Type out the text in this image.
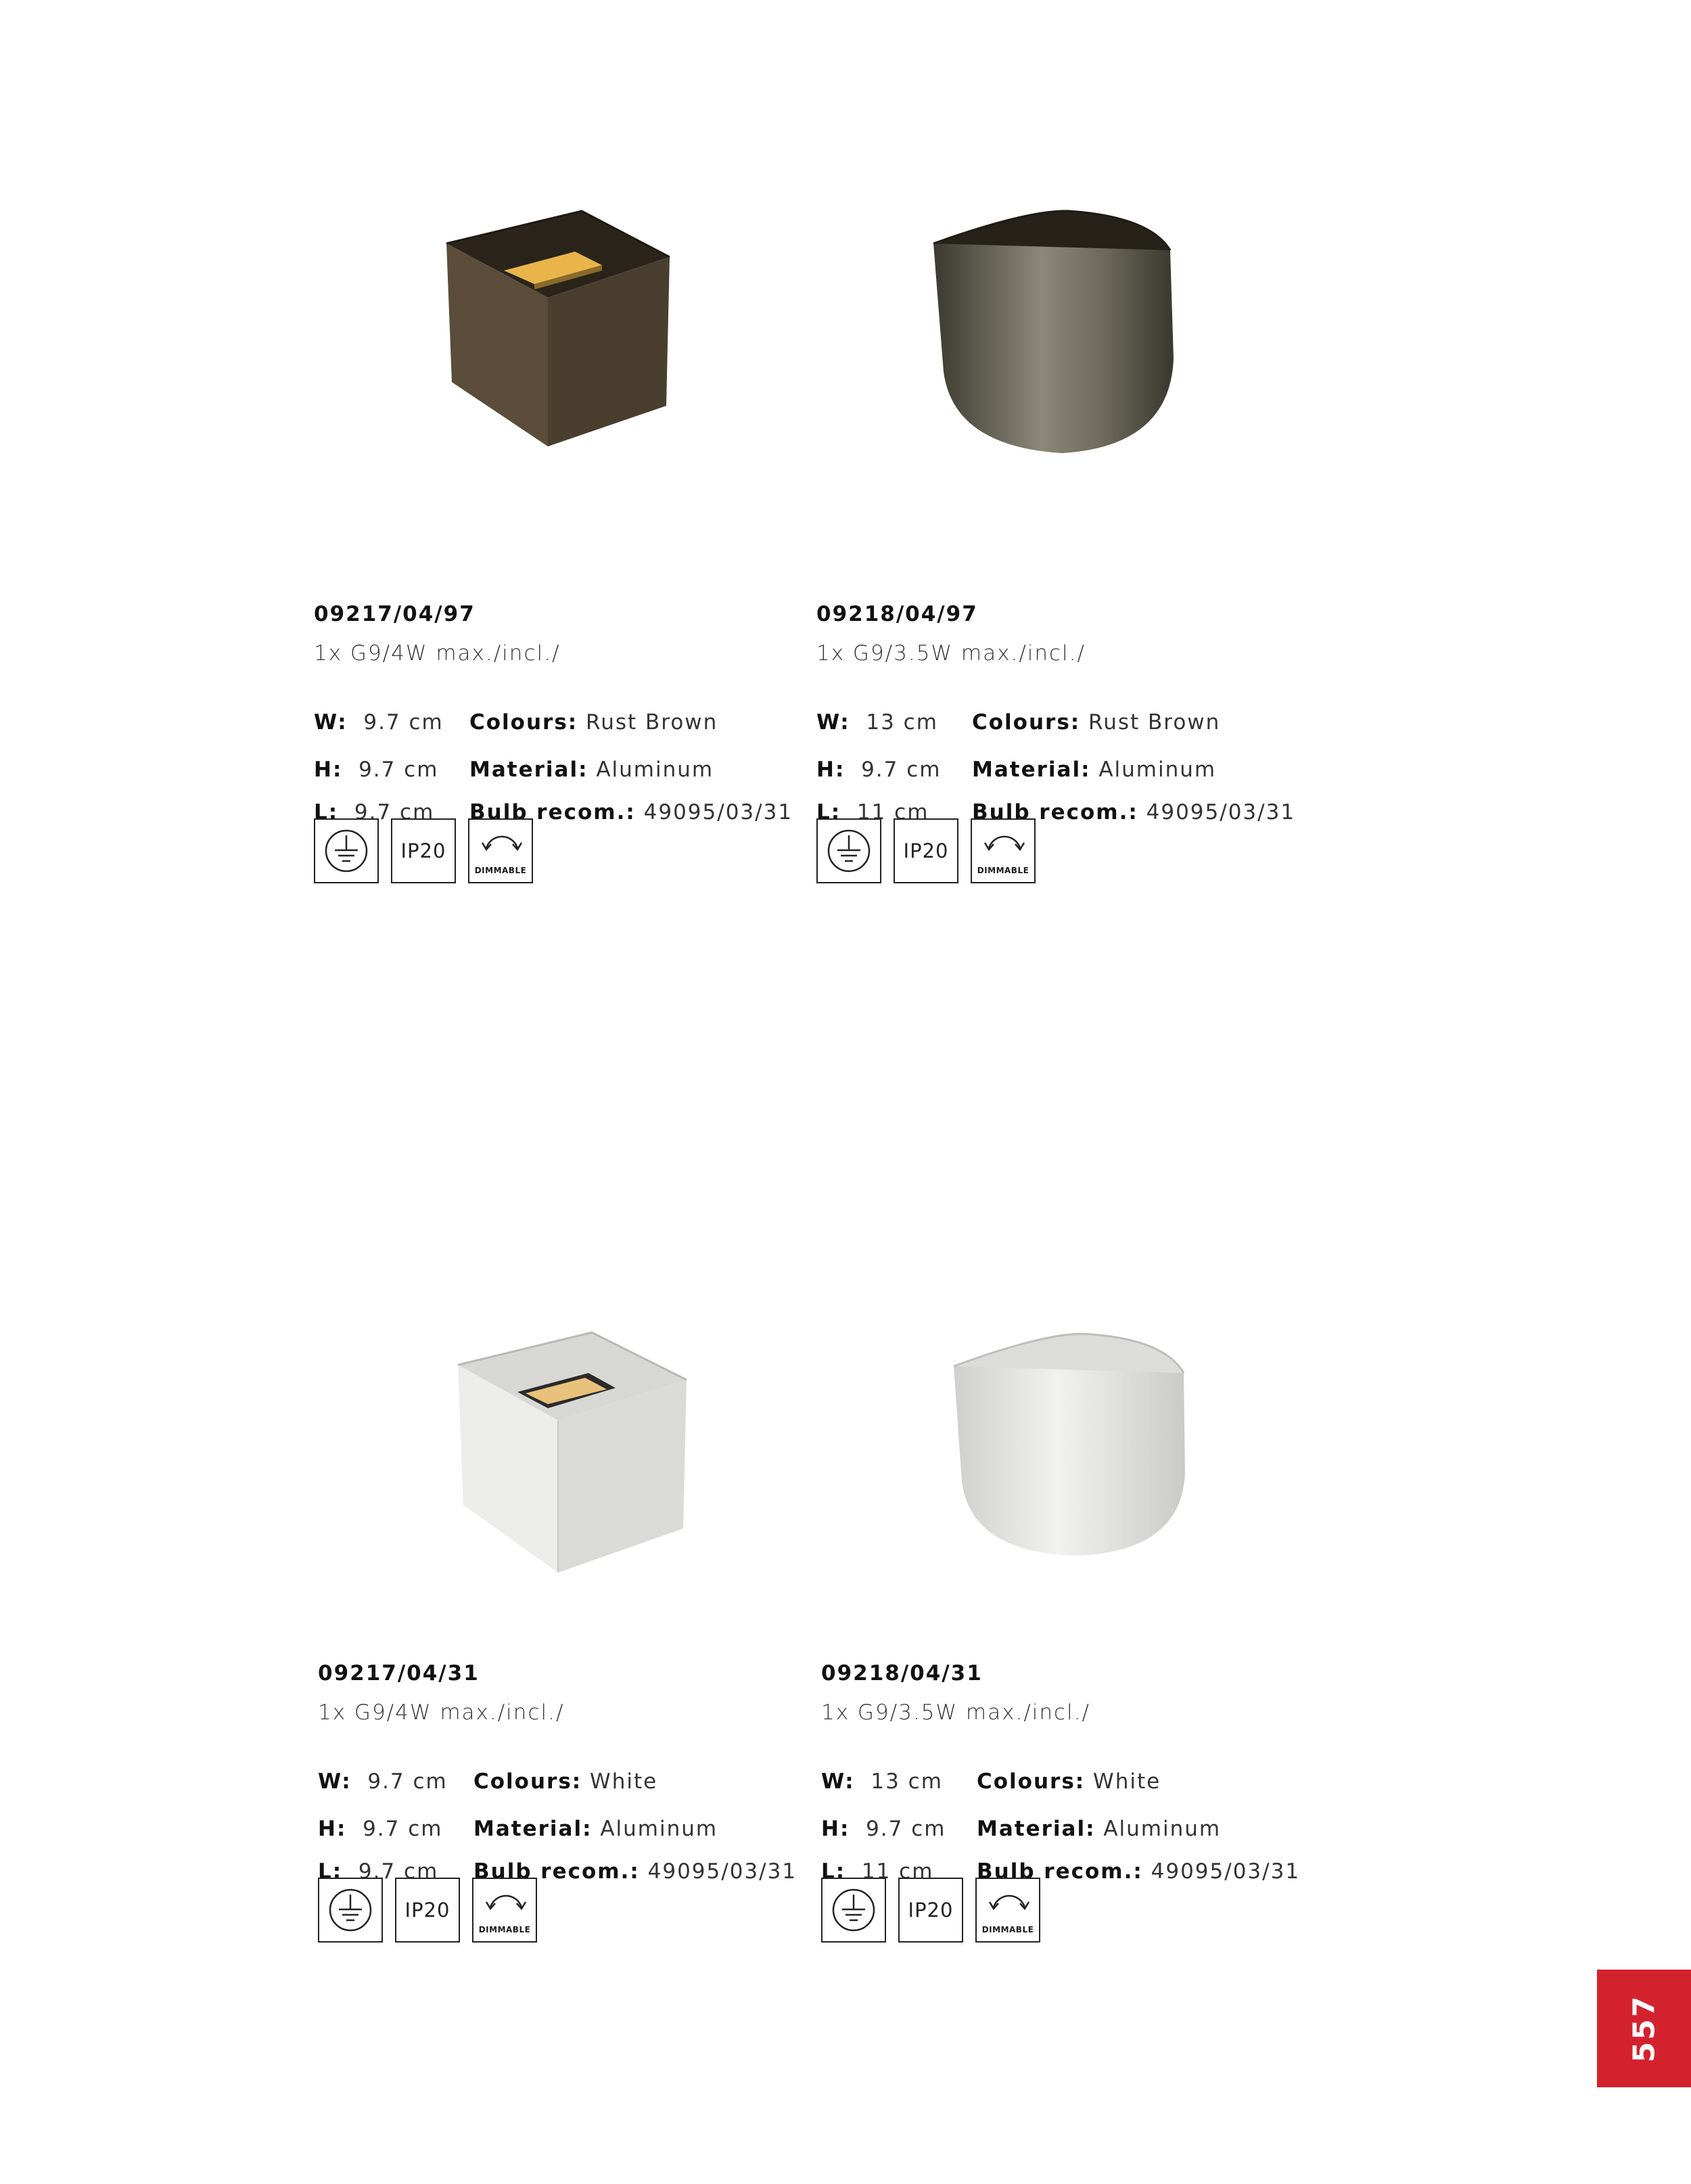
09217/04/97
1x G9/4W max./incl./
W: 9.7 cm
H: 9.7 cm
L: 9.7 cm
Colours: Rust Brown
Material: Aluminum
Bulb recom.: 49095/03/31
IP20
DIMMABLE
09218/04/97
1x G9/3.5W max./incl./
W: 13 cm
H: 9.7 cm
L: 11 cm
Colours: Rust Brown
Material: Aluminum
Bulb recom.: 49095/03/31
IP20
DIMMABLE
09217/04/31
1x G9/4W max./incl./
W: 9.7 cm
H: 9.7 cm
L: 9.7 cm
Colours: White
Material: Aluminum
Bulb recom.: 49095/03/31
IP20
DIMMABLE
09218/04/31
1x G9/3.5W max./incl./
W: 13 cm
H: 9.7 cm
L: 11 cm
Colours: White
Material: Aluminum
Bulb recom.: 49095/03/31
IP20
DIMMABLE
557
